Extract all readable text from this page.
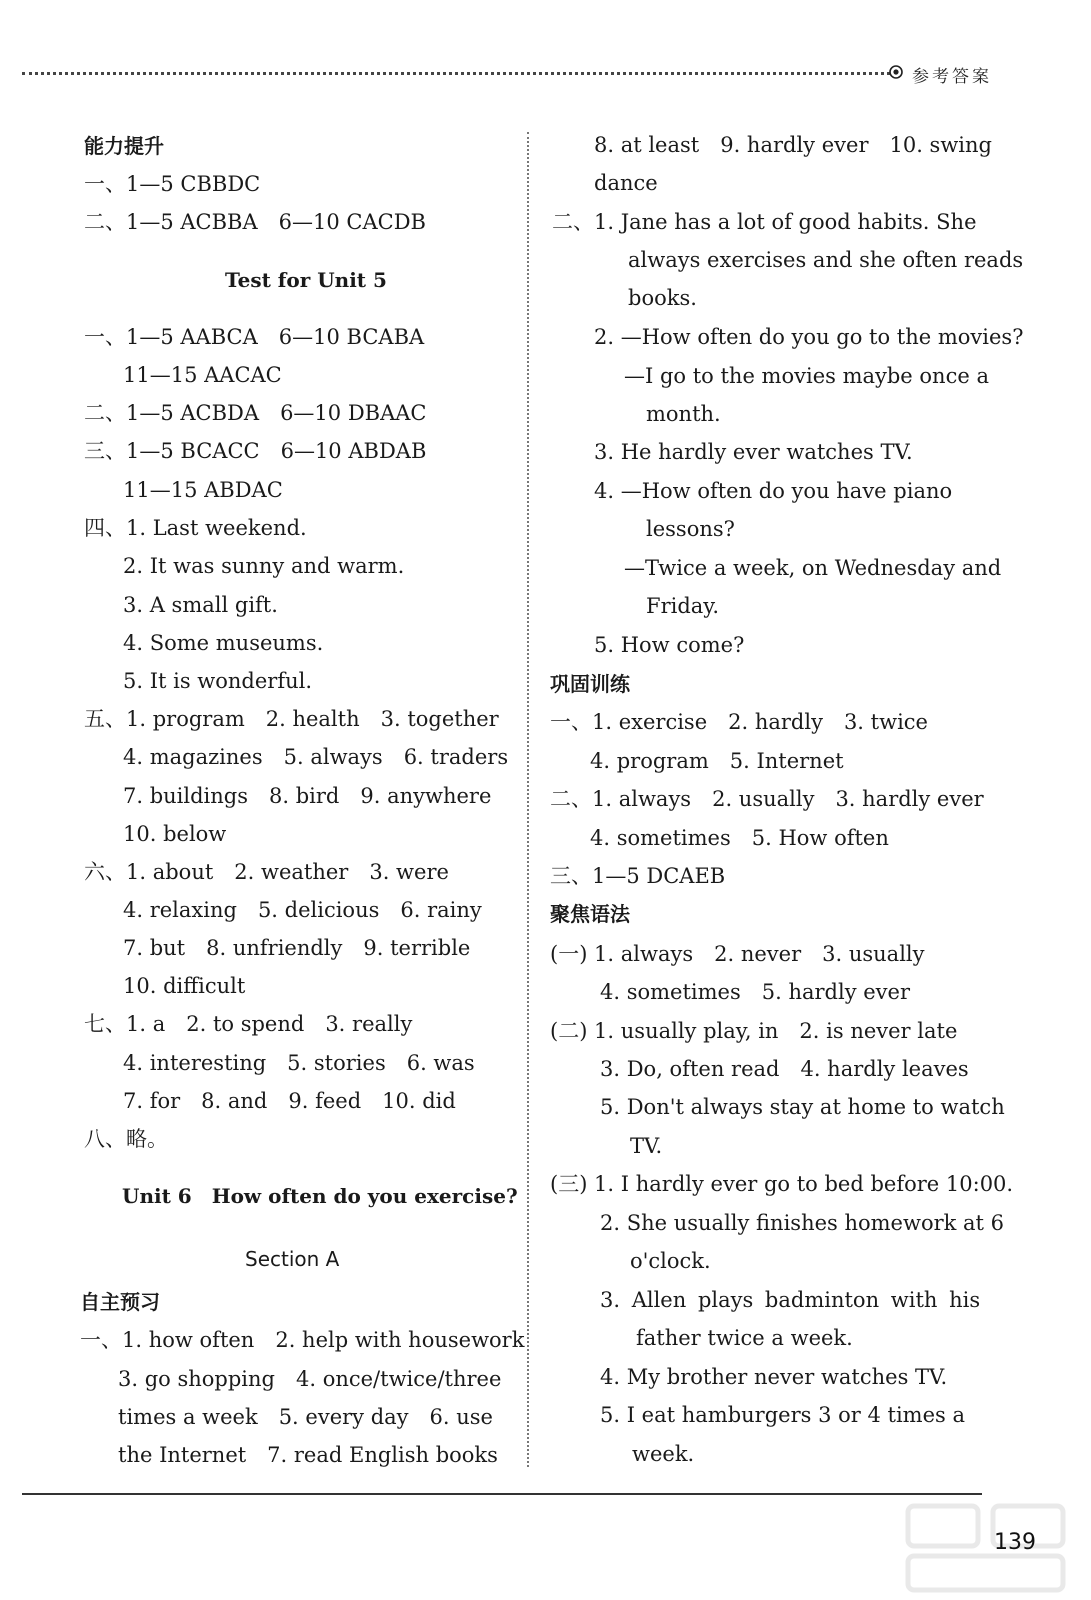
参考答案
能力提升
一、1—5 CBBDC
二、1—5 ACBBA　6—10 CACDB
Test for Unit 5
一、1—5 AABCA　6—10 BCABA
11—15 AACAC
二、1—5 ACBDA　6—10 DBAAC
三、1—5 BCACC　6—10 ABDAB
11—15 ABDAC
四、1. Last weekend.
2. It was sunny and warm.
3. A small gift.
4. Some museums.
5. It is wonderful.
五、1. program　2. health　3. together
4. magazines　5. always　6. traders
7. buildings　8. bird　9. anywhere
10. below
六、1. about　2. weather　3. were
4. relaxing　5. delicious　6. rainy
7. but　8. unfriendly　9. terrible
10. difficult
七、1. a　2. to spend　3. really
4. interesting　5. stories　6. was
7. for　8. and　9. feed　10. did
八、略。
Unit 6　How often do you exercise?
Section A
自主预习
一、1. how often　2. help with housework
3. go shopping　4. once/twice/three
times a week　5. every day　6. use
the Internet　7. read English books
8. at least　9. hardly ever　10. swing
dance
二、1. Jane has a lot of good habits. She
always exercises and she often reads
books.
2. —How often do you go to the movies?
—I go to the movies maybe once a
month.
3. He hardly ever watches TV.
4. —How often do you have piano
lessons?
—Twice a week, on Wednesday and
Friday.
5. How come?
巩固训练
一、1. exercise　2. hardly　3. twice
4. program　5. Internet
二、1. always　2. usually　3. hardly ever
4. sometimes　5. How often
三、1—5 DCAEB
聚焦语法
(一) 1. always　2. never　3. usually
4. sometimes　5. hardly ever
(二) 1. usually play, in　2. is never late
3. Do, often read　4. hardly leaves
5. Don't always stay at home to watch
TV.
(三) 1. I hardly ever go to bed before 10:00.
2. She usually finishes homework at 6
o'clock.
3. Allen plays badminton with his
father twice a week.
4. My brother never watches TV.
5. I eat hamburgers 3 or 4 times a
week.
139
